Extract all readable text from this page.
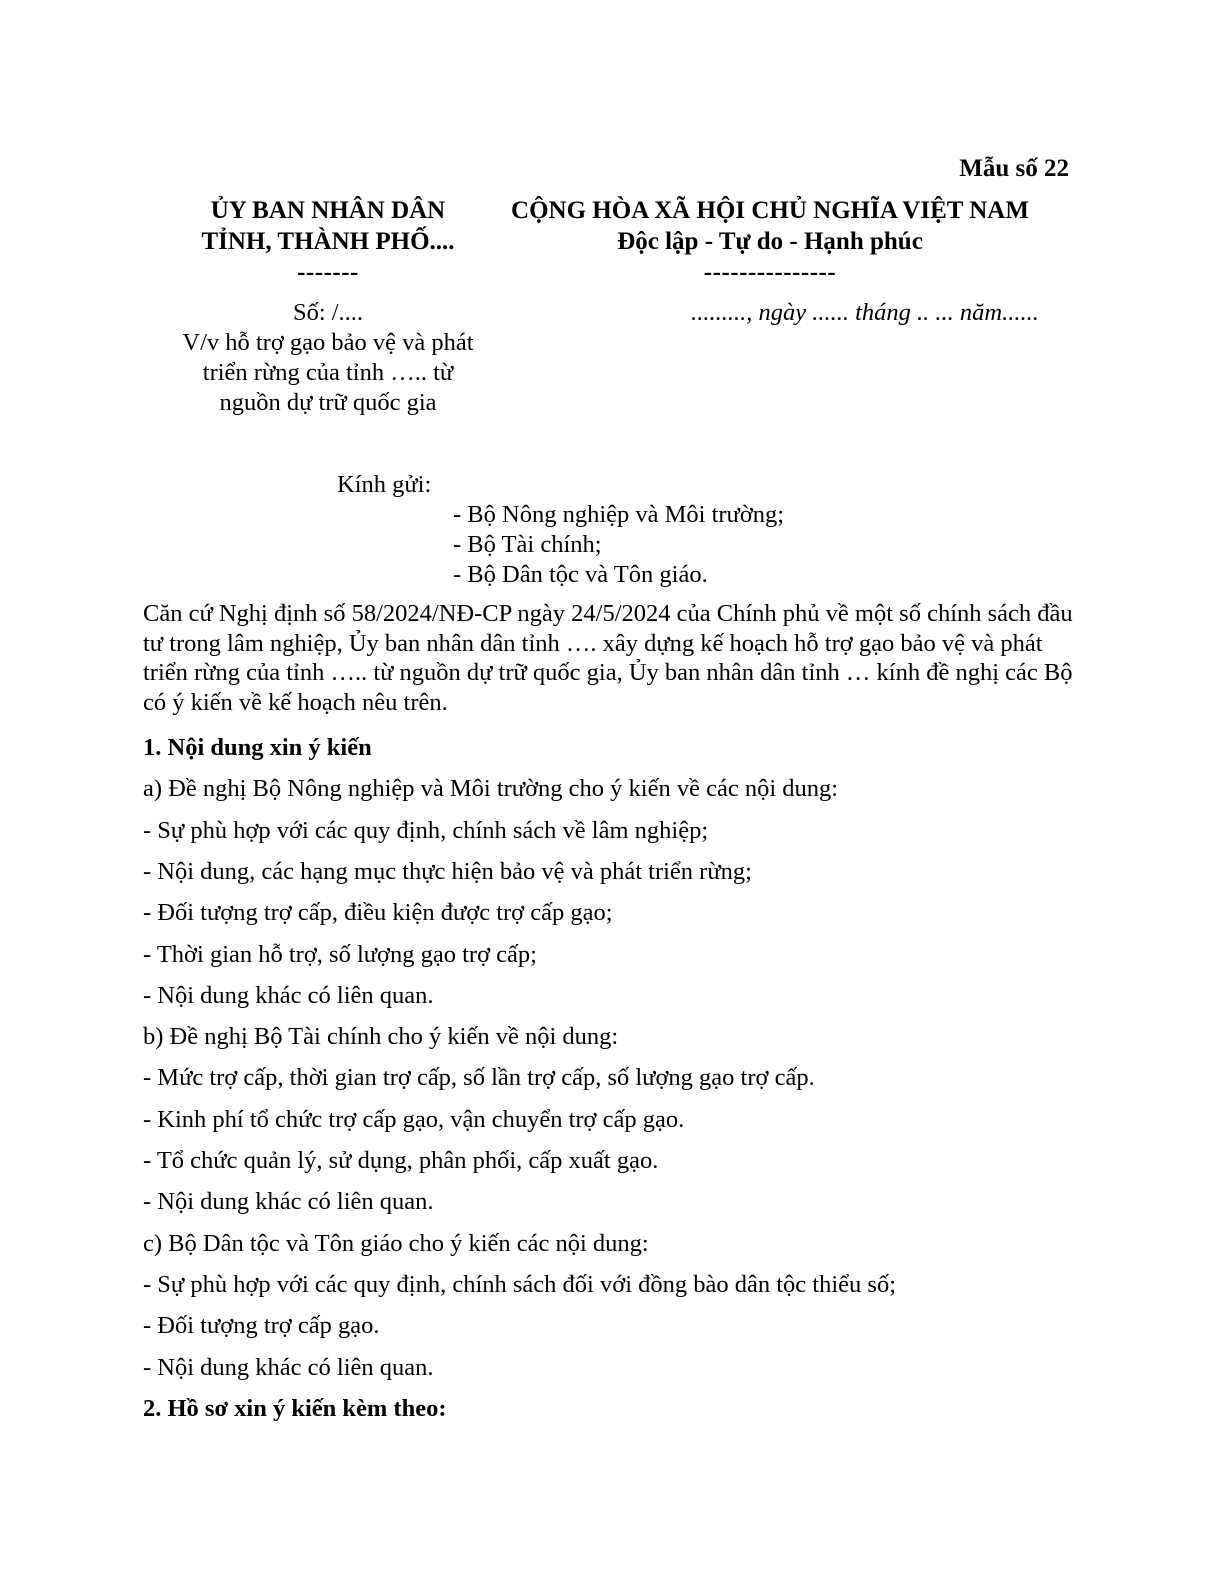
Mẫu số 22
ỦY BAN NHÂN DÂN
TỈNH, THÀNH PHỐ....
-------
CỘNG HÒA XÃ HỘI CHỦ NGHĨA VIỆT NAM
Độc lập - Tự do - Hạnh phúc
---------------
Số: /....
V/v hỗ trợ gạo bảo vệ và phát
triển rừng của tỉnh ….. từ
nguồn dự trữ quốc gia
........., ngày ...... tháng .. ... năm......
Kính gửi:
- Bộ Nông nghiệp và Môi trường;
- Bộ Tài chính;
- Bộ Dân tộc và Tôn giáo.

Căn cứ Nghị định số 58/2024/NĐ-CP ngày 24/5/2024 của Chính phủ về một số chính sách đầu tư trong lâm nghiệp, Ủy ban nhân dân tỉnh …. xây dựng kế hoạch hỗ trợ gạo bảo vệ và phát triển rừng của tỉnh ….. từ nguồn dự trữ quốc gia, Ủy ban nhân dân tỉnh … kính đề nghị các Bộ có ý kiến về kế hoạch nêu trên.

1. Nội dung xin ý kiến

a) Đề nghị Bộ Nông nghiệp và Môi trường cho ý kiến về các nội dung:

- Sự phù hợp với các quy định, chính sách về lâm nghiệp;

- Nội dung, các hạng mục thực hiện bảo vệ và phát triển rừng;

- Đối tượng trợ cấp, điều kiện được trợ cấp gạo;

- Thời gian hỗ trợ, số lượng gạo trợ cấp;

- Nội dung khác có liên quan.

b) Đề nghị Bộ Tài chính cho ý kiến về nội dung:

- Mức trợ cấp, thời gian trợ cấp, số lần trợ cấp, số lượng gạo trợ cấp.

- Kinh phí tổ chức trợ cấp gạo, vận chuyển trợ cấp gạo.

- Tổ chức quản lý, sử dụng, phân phối, cấp xuất gạo.

- Nội dung khác có liên quan.

c) Bộ Dân tộc và Tôn giáo cho ý kiến các nội dung:

- Sự phù hợp với các quy định, chính sách đối với đồng bào dân tộc thiểu số;

- Đối tượng trợ cấp gạo.

- Nội dung khác có liên quan.

2. Hồ sơ xin ý kiến kèm theo:
